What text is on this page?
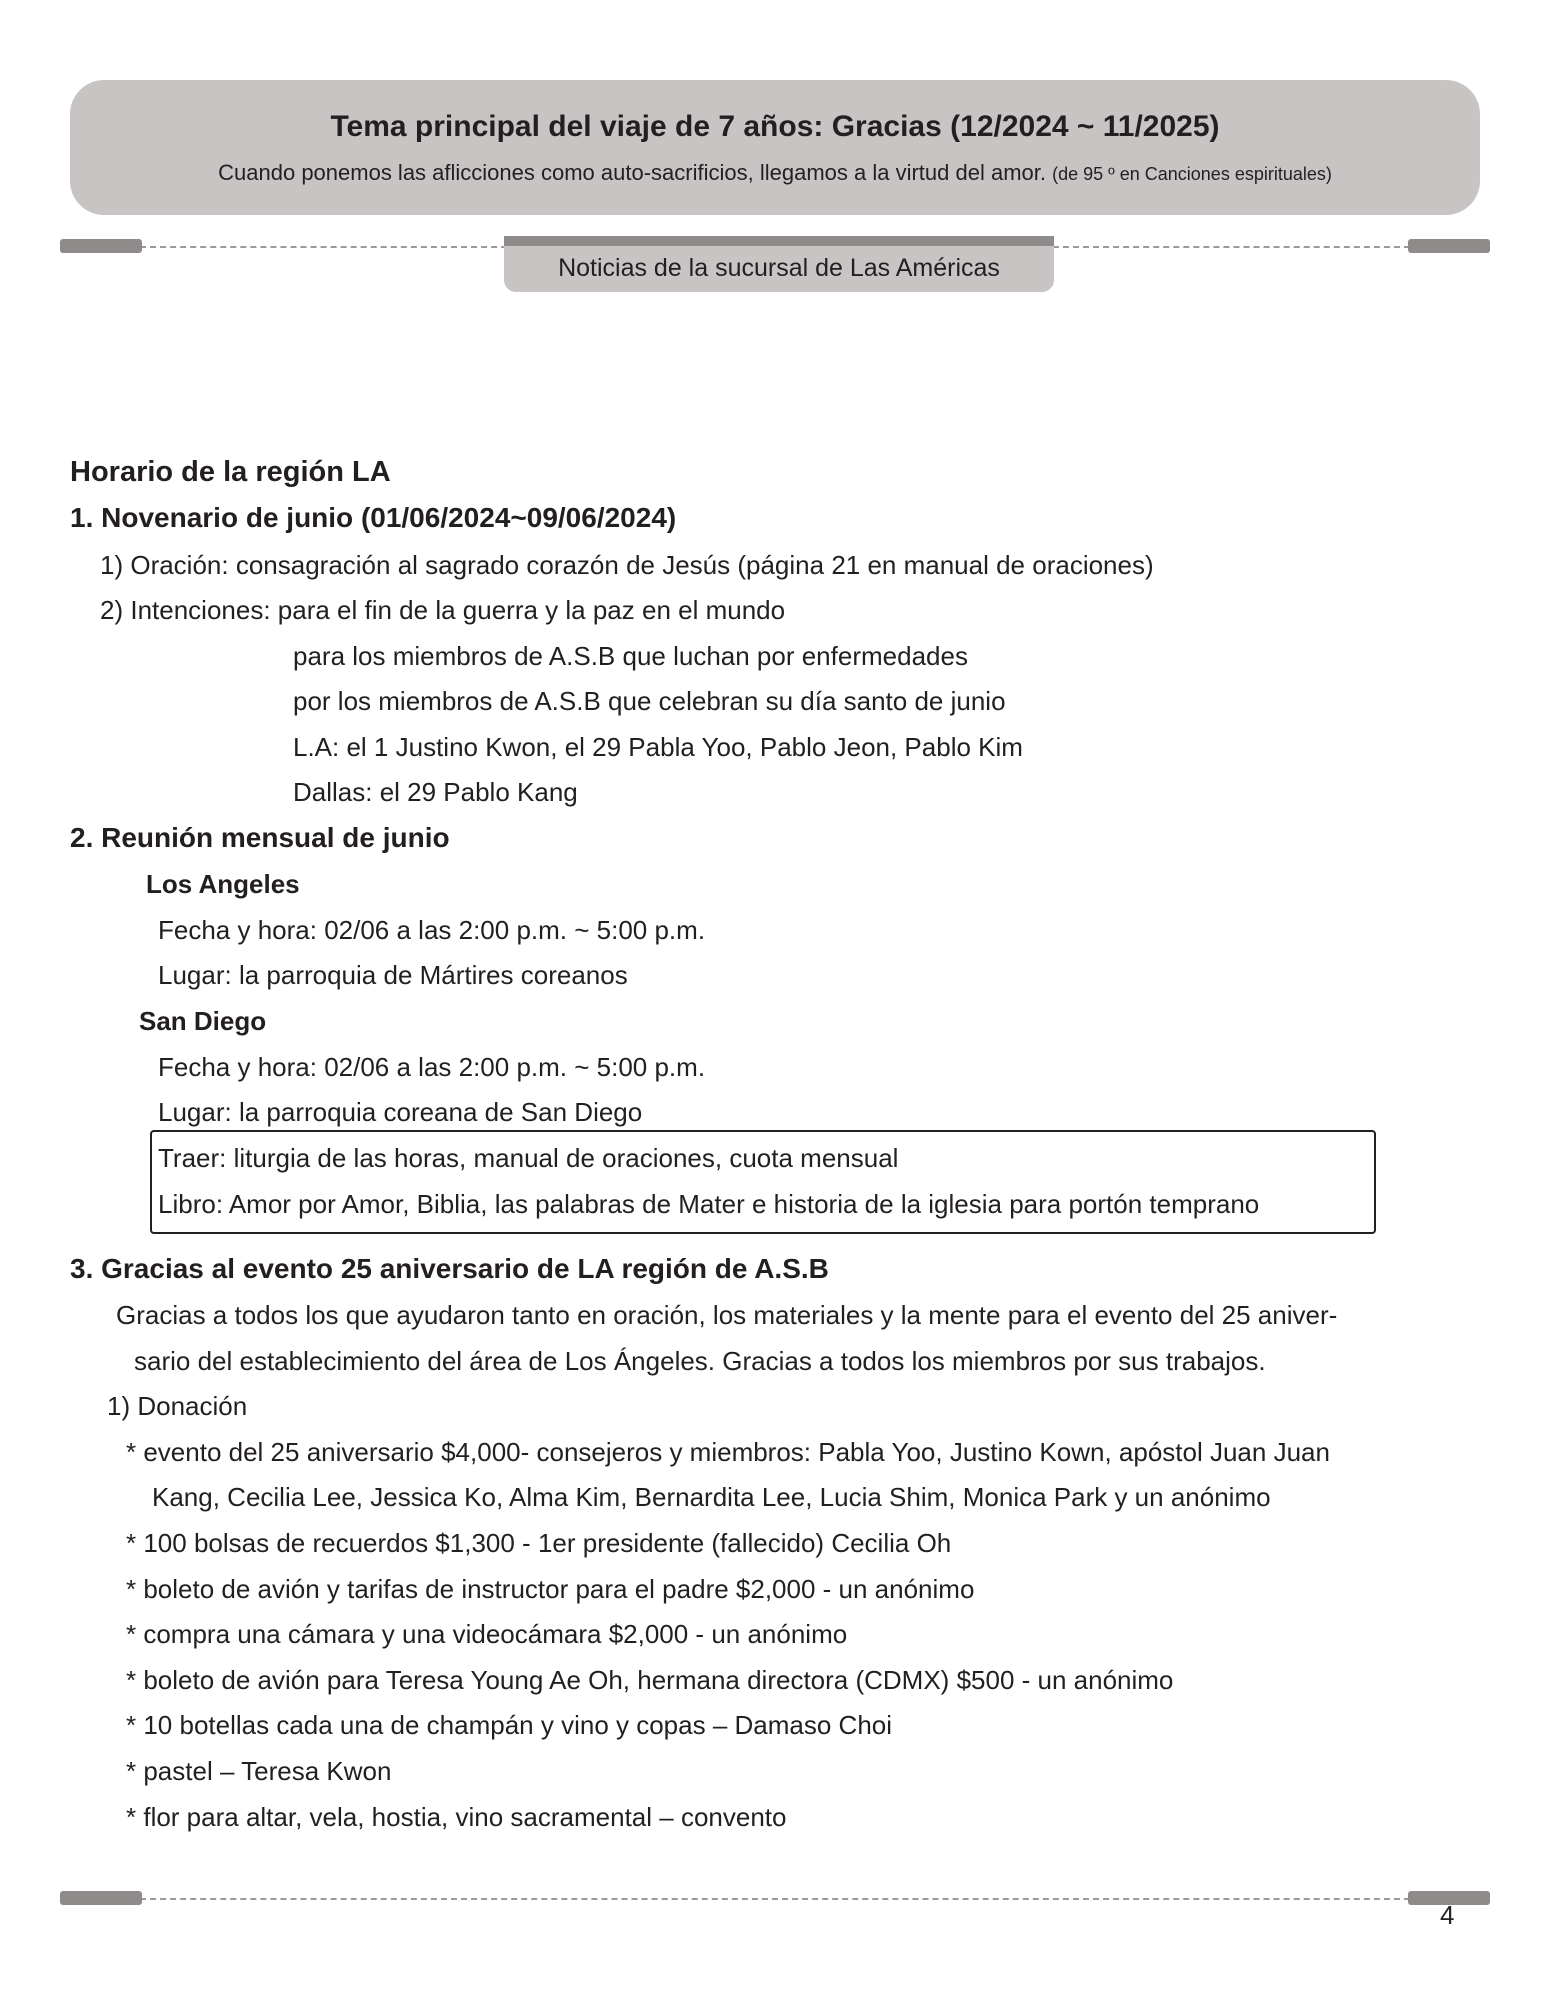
Tema principal del viaje de 7 años: Gracias (12/2024 ~ 11/2025)
Cuando ponemos las aflicciones como auto-sacrificios, llegamos a la virtud del amor. (de 95 º en Canciones espirituales)
Noticias de la sucursal de Las Américas
Horario de la región LA
1. Novenario de junio (01/06/2024~09/06/2024)
1) Oración: consagración al sagrado corazón de Jesús (página 21 en manual de oraciones)
2) Intenciones: para el fin de la guerra y la paz en el mundo
para los miembros de A.S.B que luchan por enfermedades
por los miembros de A.S.B que celebran su día santo de junio
L.A: el 1 Justino Kwon, el 29 Pabla Yoo, Pablo Jeon, Pablo Kim
Dallas: el 29 Pablo Kang
2. Reunión mensual de junio
Los Angeles
Fecha y hora: 02/06 a las 2:00 p.m. ~ 5:00 p.m.
Lugar: la parroquia de Mártires coreanos
San Diego
Fecha y hora: 02/06 a las 2:00 p.m. ~ 5:00 p.m.
Lugar: la parroquia coreana de San Diego
Traer: liturgia de las horas, manual de oraciones, cuota mensual
Libro: Amor por Amor, Biblia, las palabras de Mater e historia de la iglesia para portón temprano
3. Gracias al evento 25 aniversario de LA región de A.S.B
Gracias a todos los que ayudaron tanto en oración, los materiales y la mente para el evento del 25 aniver-
sario del establecimiento del área de Los Ángeles. Gracias a todos los miembros por sus trabajos.
1) Donación
* evento del 25 aniversario $4,000- consejeros y miembros: Pabla Yoo, Justino Kown, apóstol Juan Juan
Kang, Cecilia Lee, Jessica Ko, Alma Kim, Bernardita Lee, Lucia Shim, Monica Park y un anónimo
* 100 bolsas de recuerdos $1,300 - 1er presidente (fallecido) Cecilia Oh
* boleto de avión y tarifas de instructor para el padre $2,000 - un anónimo
* compra una cámara y una videocámara $2,000 - un anónimo
* boleto de avión para Teresa Young Ae Oh, hermana directora (CDMX) $500 - un anónimo
* 10 botellas cada una de champán y vino y copas – Damaso Choi
* pastel – Teresa Kwon
* flor para altar, vela, hostia, vino sacramental – convento
4
